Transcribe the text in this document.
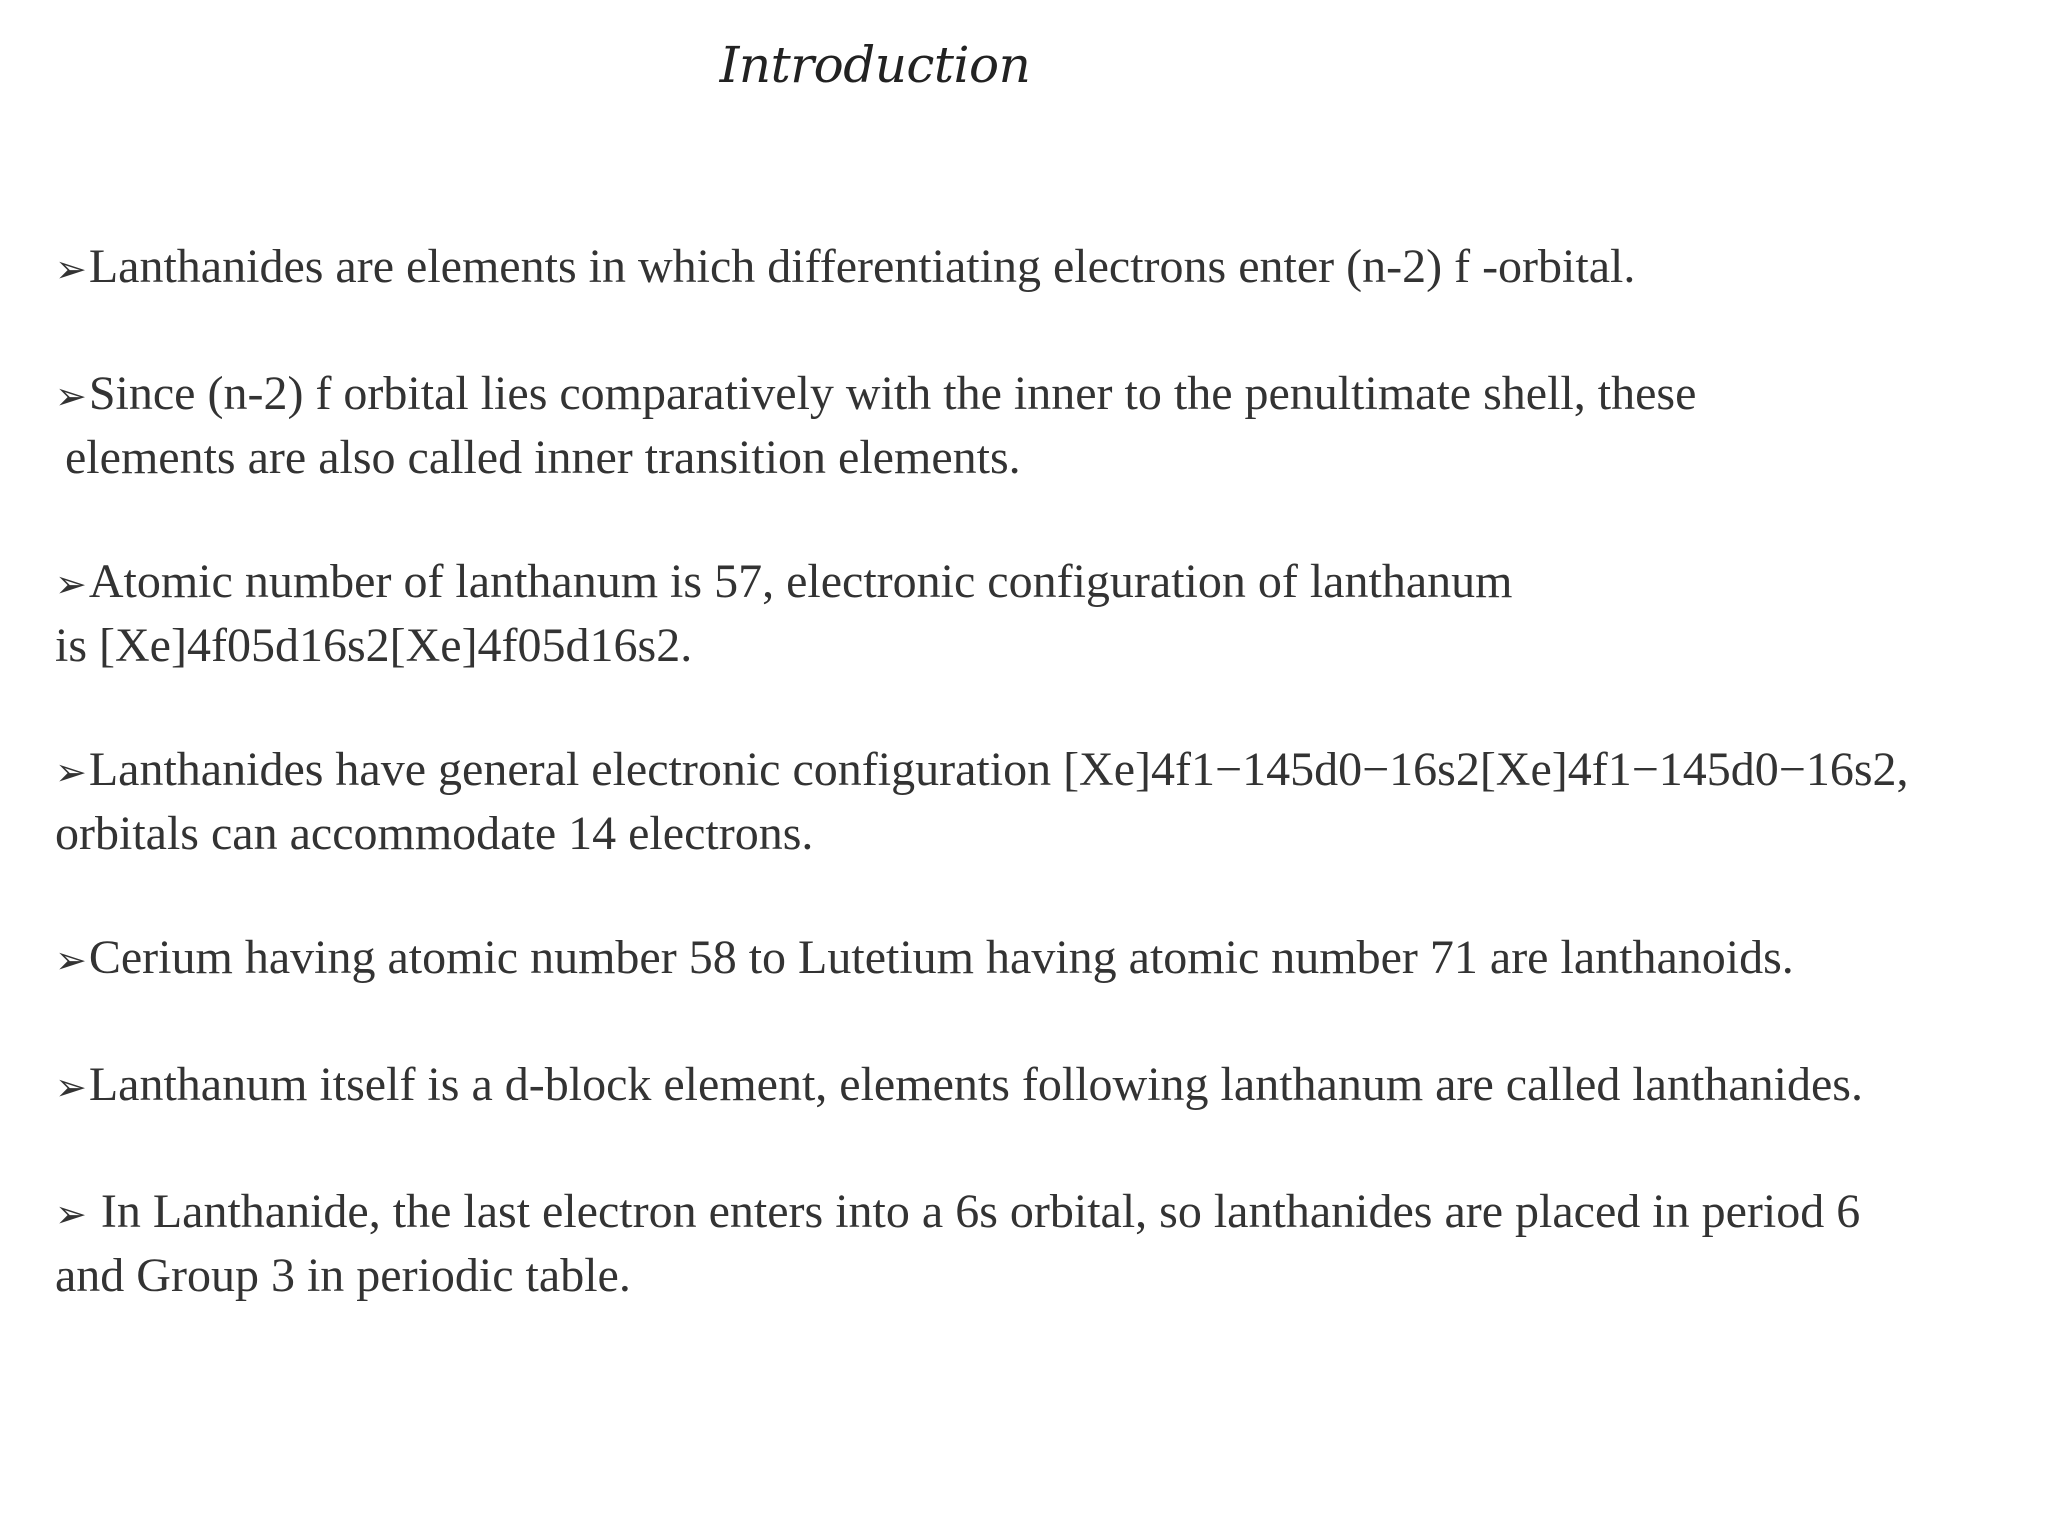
Introduction

➢Lanthanides are elements in which differentiating electrons enter (n-2) f -orbital.

➢Since (n-2) f orbital lies comparatively with the inner to the penultimate shell, these
elements are also called inner transition elements.

➢Atomic number of lanthanum is 57, electronic configuration of lanthanum
is [Xe]4f05d16s2[Xe]4f05d16s2.

➢Lanthanides have general electronic configuration [Xe]4f1−145d0−16s2[Xe]4f1−145d0−16s2,
orbitals can accommodate 14 electrons.

➢Cerium having atomic number 58 to Lutetium having atomic number 71 are lanthanoids.

➢Lanthanum itself is a d-block element, elements following lanthanum are called lanthanides.

➢ In Lanthanide, the last electron enters into a 6s orbital, so lanthanides are placed in period 6
and Group 3 in periodic table.
